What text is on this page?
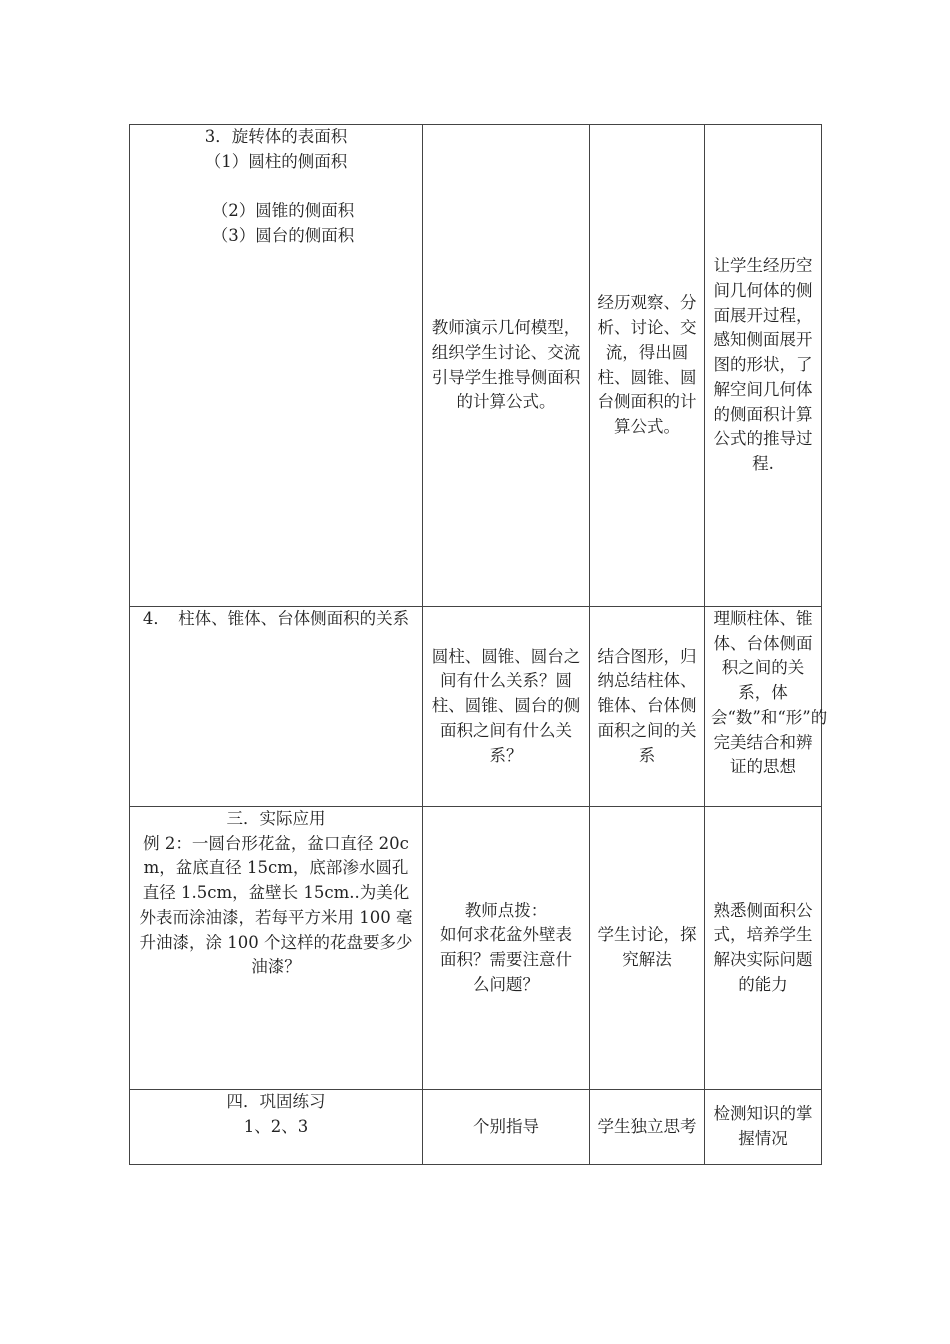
3．旋转体的表面积
（1）圆柱的侧面积
（2）圆锥的侧面积
（3）圆台的侧面积	教师演示几何模型，
组织学生讨论、交流
引导学生推导侧面积的计算公式。	经历观察、分析、讨论、交流，得出圆柱、圆锥、圆台侧面积的计算公式。	让学生经历空间几何体的侧面展开过程，感知侧面展开图的形状，了解空间几何体的侧面积计算公式的推导过程.

4．　柱体、锥体、台体侧面积的关系	圆柱、圆锥、圆台之间有什么关系？圆柱、圆锥、圆台的侧面积之间有什么关系？	结合图形，归纳总结柱体、锥体、台体侧面积之间的关系	理顺柱体、锥体、台体侧面积之间的关系，体会“数”和“形”的完美结合和辨证的思想

三．实际应用
例 2：一圆台形花盆，盆口直径 20cm，盆底直径 15cm，底部渗水圆孔直径 1.5cm，盆壁长 15cm..为美化外表而涂油漆，若每平方米用 100 毫升油漆，涂 100 个这样的花盘要多少油漆？	教师点拨：
如何求花盆外壁表面积？需要注意什么问题？	学生讨论，探究解法	熟悉侧面积公式，培养学生解决实际问题的能力

四．巩固练习
1、2、3	个别指导	学生独立思考	检测知识的掌握情况
